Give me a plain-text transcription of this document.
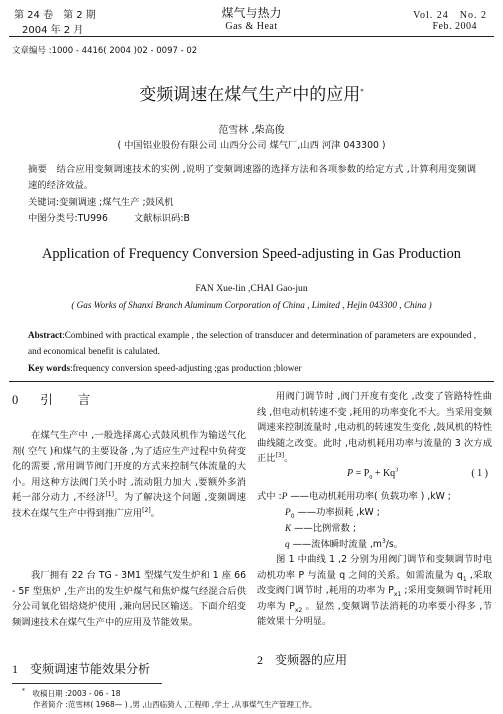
第 24 卷　第 2 期
2004 年 2 月
煤气与热力
Gas & Heat
Vol. 24　No. 2
Feb. 2004
文章编号 :1000 - 4416( 2004 )02 - 0097 - 02
变频调速在煤气生产中的应用*
范雪林 ,柴高俊
( 中国铝业股份有限公司 山西分公司 煤气厂,山西 河津 043300 )
摘要　 结合应用变频调速技术的实例 ,说明了变频调速器的选择方法和各项参数的给定方式 ,计算利用变频调速的经济效益。
关键词:变频调速 ;煤气生产 ;鼓风机
中图分类号:TU996	文献标识码:B
Application of Frequency Conversion Speed-adjusting in Gas Production
FAN Xue-lin ,CHAI Gao-jun
( Gas Works of Shanxi Branch Aluminum Corporation of China , Limited , Hejin 043300 , China )
Abstract:Combined with practical example , the selection of transducer and determination of parameters are expounded , and economical benefit is calulated.
Key words:frequency conversion speed-adjusting ;gas production ;blower
0 引　　言
在煤气生产中 ,一般选择离心式鼓风机作为输送气化剂( 空气 )和煤气的主要设备 ,为了适应生产过程中负荷变化的需要 ,常用调节阀门开度的方式来控制气体流量的大小。用这种方法阀门关小时 ,流动阻力加大 ,要额外多消耗一部分动力 ,不经济[1]。为了解决这个问题 ,变频调速技术在煤气生产中得到推广应用[2]。
我厂拥有 22 台 TG - 3M1 型煤气发生炉和 1 座 66 - 5F 型焦炉 ,生产出的发生炉煤气和焦炉煤气经混合后供分公司氧化铝焙烧炉使用 ,兼向居民区输送。下面介绍变频调速技术在煤气生产中的应用及节能效果。
1 变频调速节能效果分析
用阀门调节时 ,阀门开度有变化 ,改变了管路特性曲线 ,但电动机转速不变 ,耗用的功率变化不大。当采用变频调速来控制流量时 ,电动机的转速发生变化 ,鼓风机的特性曲线随之改变。此时 ,电动机耗用功率与流量的 3 次方成正比[3]。
$P = P_0 + Kq^3$	( 1 )
式中 :P ——电动机耗用功率( 负载功率 ) ,kW ;
$P_0$ ——功率损耗 ,kW ;
K ——比例常数 ;
q ——流体瞬时流量 $,m^3/s$。
图 1 中曲线 1 ,2 分别为用阀门调节和变频调节时电动机功率 P 与流量 q 之间的关系。如需流量为 $q_1$ ,采取改变阀门调节时 ,耗用的功率为 $P_{x1}$ ;采用变频调节时耗用功率为 $P_{x2}$ 。显然 ,变频调节法消耗的功率要小得多 ,节能效果十分明显。
2 变频器的应用
*　 收稿日期 :2003 - 06 - 18
作者简介 :范雪林( 1968— ) ,男 ,山西临猗人 ,工程师 ,学士 ,从事煤气生产管理工作。
